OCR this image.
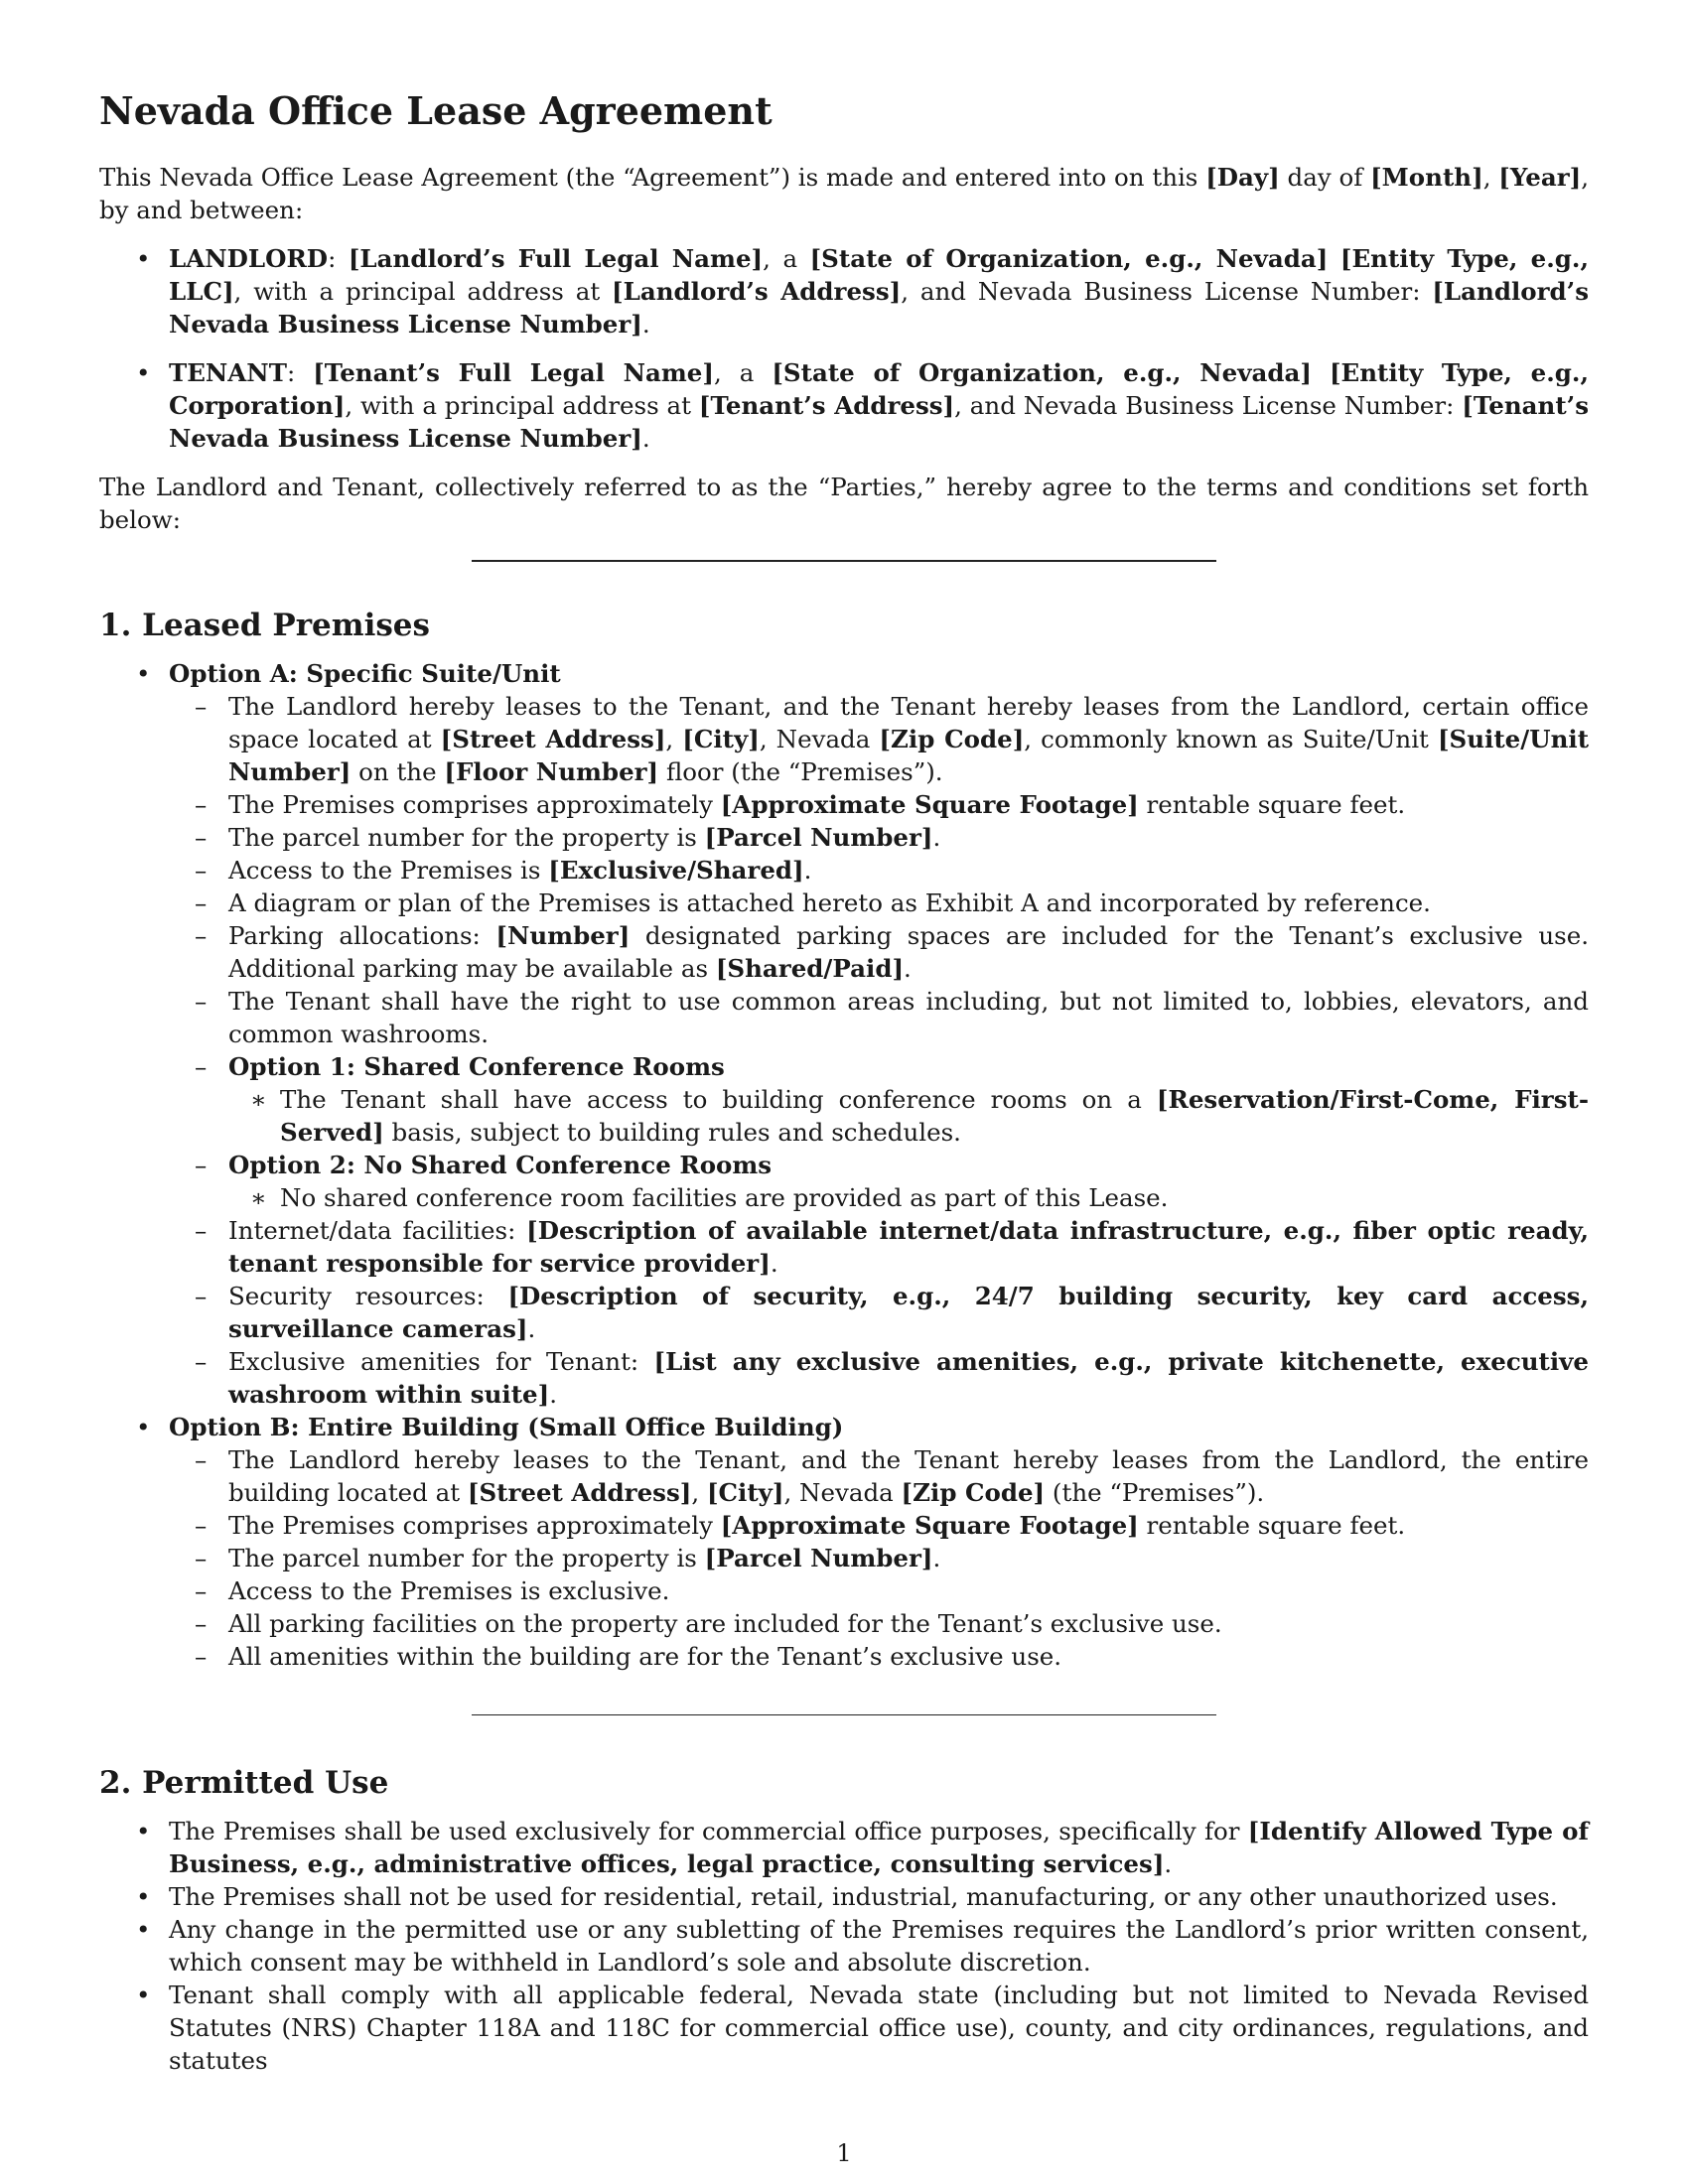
Nevada Office Lease Agreement

This Nevada Office Lease Agreement (the “Agreement”) is made and entered into on this [Day] day of [Month], [Year], by and between:

• LANDLORD: [Landlord’s Full Legal Name], a [State of Organization, e.g., Nevada] [Entity Type, e.g., LLC], with a principal address at [Landlord’s Address], and Nevada Business License Number: [Landlord’s Nevada Business License Number].
• TENANT: [Tenant’s Full Legal Name], a [State of Organization, e.g., Nevada] [Entity Type, e.g., Corporation], with a principal address at [Tenant’s Address], and Nevada Business License Number: [Tenant’s Nevada Business License Number].

The Landlord and Tenant, collectively referred to as the “Parties,” hereby agree to the terms and conditions set forth below:

1. Leased Premises
• Option A: Specific Suite/Unit
– The Landlord hereby leases to the Tenant, and the Tenant hereby leases from the Landlord, certain office space located at [Street Address], [City], Nevada [Zip Code], commonly known as Suite/Unit [Suite/Unit Number] on the [Floor Number] floor (the “Premises”).
– The Premises comprises approximately [Approximate Square Footage] rentable square feet.
– The parcel number for the property is [Parcel Number].
– Access to the Premises is [Exclusive/Shared].
– A diagram or plan of the Premises is attached hereto as Exhibit A and incorporated by reference.
– Parking allocations: [Number] designated parking spaces are included for the Tenant’s exclusive use. Additional parking may be available as [Shared/Paid].
– The Tenant shall have the right to use common areas including, but not limited to, lobbies, elevators, and common washrooms.
– Option 1: Shared Conference Rooms
∗ The Tenant shall have access to building conference rooms on a [Reservation/First-Come, First-Served] basis, subject to building rules and schedules.
– Option 2: No Shared Conference Rooms
∗ No shared conference room facilities are provided as part of this Lease.
– Internet/data facilities: [Description of available internet/data infrastructure, e.g., fiber optic ready, tenant responsible for service provider].
– Security resources: [Description of security, e.g., 24/7 building security, key card access, surveillance cameras].
– Exclusive amenities for Tenant: [List any exclusive amenities, e.g., private kitchenette, executive washroom within suite].
• Option B: Entire Building (Small Office Building)
– The Landlord hereby leases to the Tenant, and the Tenant hereby leases from the Landlord, the entire building located at [Street Address], [City], Nevada [Zip Code] (the “Premises”).
– The Premises comprises approximately [Approximate Square Footage] rentable square feet.
– The parcel number for the property is [Parcel Number].
– Access to the Premises is exclusive.
– All parking facilities on the property are included for the Tenant’s exclusive use.
– All amenities within the building are for the Tenant’s exclusive use.
2. Permitted Use
• The Premises shall be used exclusively for commercial office purposes, specifically for [Identify Allowed Type of Business, e.g., administrative offices, legal practice, consulting services].
• The Premises shall not be used for residential, retail, industrial, manufacturing, or any other unauthorized uses.
• Any change in the permitted use or any subletting of the Premises requires the Landlord’s prior written consent, which consent may be withheld in Landlord’s sole and absolute discretion.
• Tenant shall comply with all applicable federal, Nevada state (including but not limited to Nevada Revised Statutes (NRS) Chapter 118A and 118C for commercial office use), county, and city ordinances, regulations, and statutes
1
